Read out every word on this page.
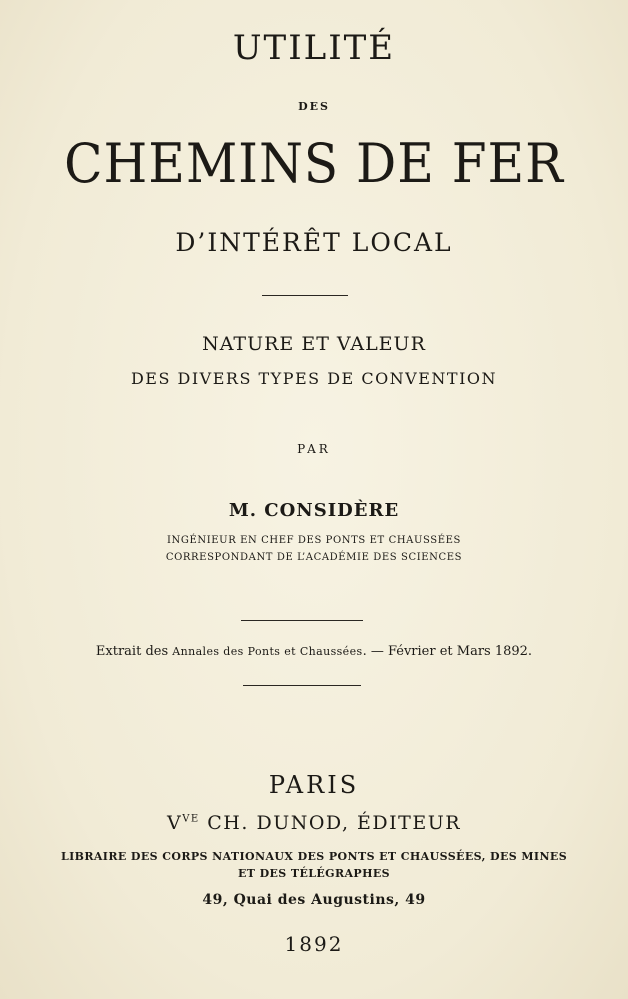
UTILITÉ
DES
CHEMINS DE FER
D’INTÉRÊT LOCAL
NATURE ET VALEUR
DES DIVERS TYPES DE CONVENTION
PAR
M. CONSIDÈRE
INGÉNIEUR EN CHEF DES PONTS ET CHAUSSÉES
CORRESPONDANT DE L’ACADÉMIE DES SCIENCES
Extrait des Annales des Ponts et Chaussées. — Février et Mars 1892.
PARIS
$V^{VE}$ CH. DUNOD, ÉDITEUR
LIBRAIRE DES CORPS NATIONAUX DES PONTS ET CHAUSSÉES, DES MINES
ET DES TÉLÉGRAPHES
49, Quai des Augustins, 49
1892
